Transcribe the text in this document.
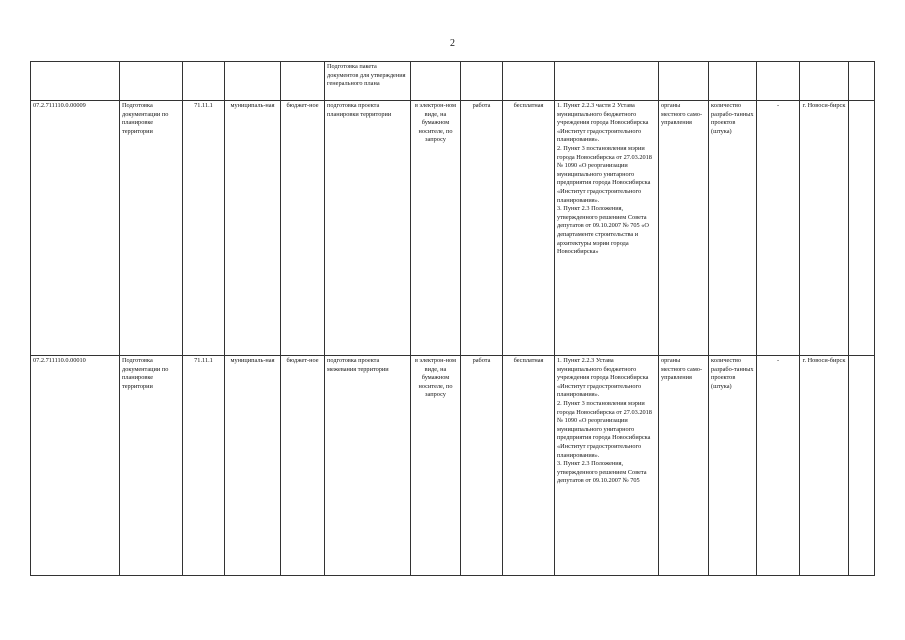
2
					Подготовка пакета документов для утверждения генерального плана									
07.2.711110.0.00009	Подготовка документации по планировке территории	71.11.1	муниципаль-ная	бюджет-ное	подготовка проекта планировки территории	в электрон-ном виде, на бумажном носителе, по запросу	работа	бесплатная	1. Пункт 2.2.3 части 2 Устава муниципального бюджетного учреждения города Новосибирска «Институт градостроительного планирования».
2. Пункт 3 постановления мэрии города Новосибирска от 27.03.2018 № 1090 «О реорганизации муниципального унитарного предприятия города Новосибирска «Институт градостроительного планирования».
3. Пункт 2.3 Положения, утвержденного решением Совета депутатов от 09.10.2007 № 705 «О департаменте строительства и архитектуры мэрии города Новосибирска»	органы местного само-управления	количество разрабо-танных проектов (штука)	-	г. Новоси-бирск	
07.2.711110.0.00010	Подготовка документации по планировке территории	71.11.1	муниципаль-ная	бюджет-ное	подготовка проекта межевания территории	в электрон-ном виде, на бумажном носителе, по запросу	работа	бесплатная	1. Пункт 2.2.3 Устава муниципального бюджетного учреждения города Новосибирска «Институт градостроительного планирования».
2. Пункт 3 постановления мэрии города Новосибирска от 27.03.2018 № 1090 «О реорганизации муниципального унитарного предприятия города Новосибирска «Институт градостроительного планирования».
3. Пункт 2.3 Положения, утвержденного решением Совета депутатов от 09.10.2007 № 705	органы местного само-управления	количество разрабо-танных проектов (штука)	-	г. Новоси-бирск	
